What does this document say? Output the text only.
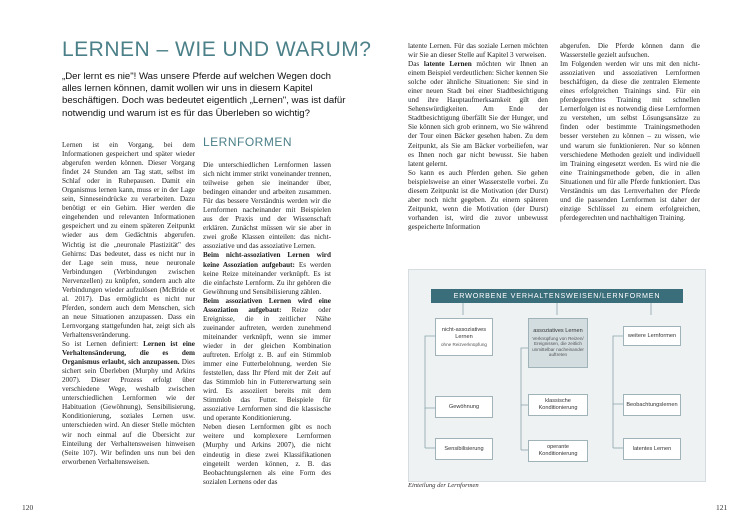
LERNEN – WIE UND WARUM?

„Der lernt es nie"! Was unsere Pferde auf welchen Wegen doch alles lernen können, damit wollen wir uns in diesem Kapitel beschäftigen. Doch was bedeutet eigentlich „Lernen", was ist dafür notwendig und warum ist es für das Überleben so wichtig?

Lernen ist ein Vorgang, bei dem Informationen gespeichert und später wieder abgerufen werden können. Dieser Vorgang findet 24 Stunden am Tag statt, selbst im Schlaf oder in Ruhepausen. Damit ein Organismus lernen kann, muss er in der Lage sein, Sinneseindrücke zu verarbeiten. Dazu benötigt er ein Gehirn. Hier werden die eingehenden und relevanten Informationen gespeichert und zu einem späteren Zeitpunkt wieder aus dem Gedächtnis abgerufen. Wichtig ist die „neuronale Plastizität" des Gehirns: Das bedeutet, dass es nicht nur in der Lage sein muss, neue neuronale Verbindungen (Verbindungen zwischen Nervenzellen) zu knüpfen, sondern auch alte Verbindungen wieder aufzulösen (McBride et al. 2017). Das ermöglicht es nicht nur Pferden, sondern auch dem Menschen, sich an neue Situationen anzupassen. Dass ein Lernvorgang stattgefunden hat, zeigt sich als Verhaltensveränderung.

So ist Lernen definiert: Lernen ist eine Verhaltensänderung, die es dem Organismus erlaubt, sich anzupassen. Dies sichert sein Überleben (Murphy und Arkins 2007). Dieser Prozess erfolgt über verschiedene Wege, weshalb zwischen unterschiedlichen Lernformen wie der Habituation (Gewöhnung), Sensibilisierung, Konditionierung, soziales Lernen usw. unterschieden wird. An dieser Stelle möchten wir noch einmal auf die Übersicht zur Einteilung der Verhaltensweisen hinweisen (Seite 107). Wir befinden uns nun bei den erworbenen Verhaltensweisen.

LERNFORMEN

Die unterschiedlichen Lernformen lassen sich nicht immer strikt voneinander trennen, teilweise gehen sie ineinander über, bedingen einander und arbeiten zusammen. Für das bessere Verständnis werden wir die Lernformen nacheinander mit Beispielen aus der Praxis und der Wissenschaft erklären. Zunächst müssen wir sie aber in zwei große Klassen einteilen: das nicht-assoziative und das assoziative Lernen.

Beim nicht-assoziativen Lernen wird keine Assoziation aufgebaut: Es werden keine Reize miteinander verknüpft. Es ist die einfachste Lernform. Zu ihr gehören die Gewöhnung und Sensibilisierung zählen.

Beim assoziativen Lernen wird eine Assoziation aufgebaut: Reize oder Ereignisse, die in zeitlicher Nähe zueinander auftreten, werden zunehmend miteinander verknüpft, wenn sie immer wieder in der gleichen Kombination auftreten. Erfolgt z. B. auf ein Stimmlob immer eine Futterbelohnung, werden Sie feststellen, dass Ihr Pferd mit der Zeit auf das Stimmlob hin in Futtererwartung sein wird. Es assoziiert bereits mit dem Stimmlob das Futter. Beispiele für assoziative Lernformen sind die klassische und operante Konditionierung.

Neben diesen Lernformen gibt es noch weitere und komplexere Lernformen (Murphy und Arkins 2007), die nicht eindeutig in diese zwei Klassifikationen eingeteilt werden können, z. B. das Beobachtungslernen als eine Form des sozialen Lernens oder das

120

latente Lernen. Für das soziale Lernen möchten wir Sie an dieser Stelle auf Kapitel 3 verweisen.

Das latente Lernen möchten wir Ihnen an einem Beispiel verdeutlichen: Sicher kennen Sie solche oder ähnliche Situationen: Sie sind in einer neuen Stadt bei einer Stadtbesichtigung und ihre Hauptaufmerksamkeit gilt den Sehenswürdigkeiten. Am Ende der Stadtbesichtigung überfällt Sie der Hunger, und Sie können sich grob erinnern, wo Sie während der Tour einen Bäcker gesehen haben. Zu dem Zeitpunkt, als Sie am Bäcker vorbeiliefen, war es Ihnen noch gar nicht bewusst. Sie haben latent gelernt.

So kann es auch Pferden gehen. Sie gehen beispielsweise an einer Wasserstelle vorbei. Zu diesem Zeitpunkt ist die Motivation (der Durst) aber noch nicht gegeben. Zu einem späteren Zeitpunkt, wenn die Motivation (der Durst) vorhanden ist, wird die zuvor unbewusst gespeicherte Information

abgerufen. Die Pferde können dann die Wasserstelle gezielt aufsuchen.

Im Folgenden werden wir uns mit den nicht-assoziativen und assoziativen Lernformen beschäftigen, da diese die zentralen Elemente eines erfolgreichen Trainings sind. Für ein pferdegerechtes Training mit schnellen Lernerfolgen ist es notwendig diese Lernformen zu verstehen, um selbst Lösungsansätze zu finden oder bestimmte Trainingsmethoden besser verstehen zu können – zu wissen, wie und warum sie funktionieren. Nur so können verschiedene Methoden gezielt und individuell im Training eingesetzt werden. Es wird nie die eine Trainingsmethode geben, die in allen Situationen und für alle Pferde funktioniert. Das Verständnis um das Lernverhalten der Pferde und die passenden Lernformen ist daher der einzige Schlüssel zu einem erfolgreichen, pferdegerechten und nachhaltigen Training.

ERWORBENE VERHALTENSWEISEN/LERNFORMEN
nicht-assoziatives Lernen
ohne Reizverknüpfung
assoziatives Lernen
Verknüpfung von Reizen/ Ereignissen, die zeitlich unmittelbar nacheinander auftreten
weitere Lernformen
Gewöhnung
klassische Konditionierung
Beobachtungslernen
Sensibilisierung	operante Konditionierung
latentes Lernen
Einteilung der Lernformen
121
